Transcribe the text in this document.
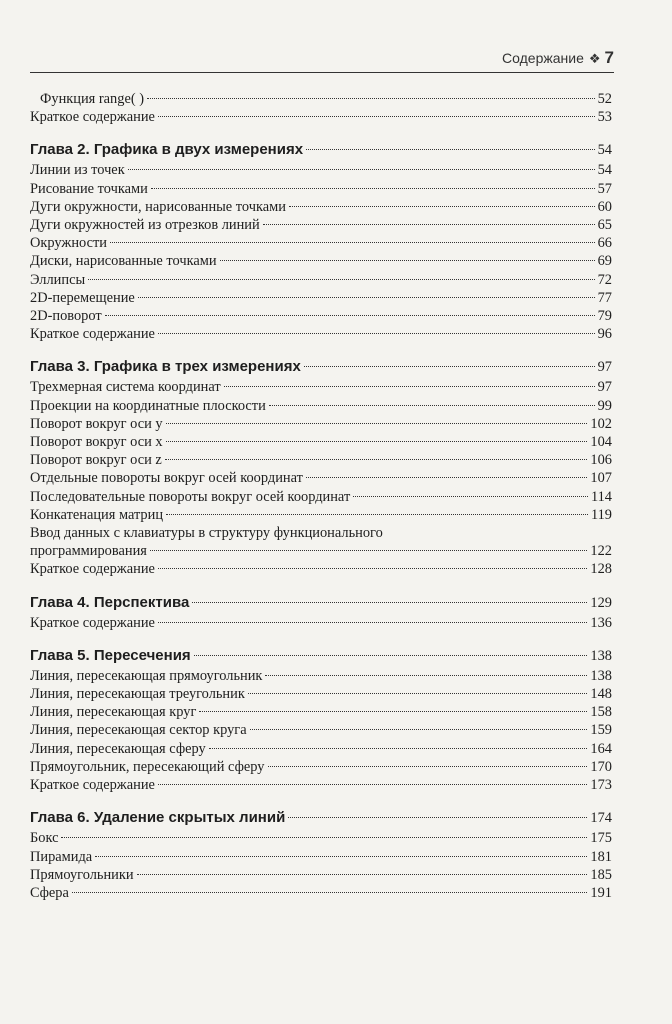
Содержание ❖ 7
Функция range( )	52
Краткое содержание	53
Глава 2. Графика в двух измерениях	54
Линии из точек	54
Рисование точками	57
Дуги окружности, нарисованные точками	60
Дуги окружностей из отрезков линий	65
Окружности	66
Диски, нарисованные точками	69
Эллипсы	72
2D-перемещение	77
2D-поворот	79
Краткое содержание	96
Глава 3. Графика в трех измерениях	97
Трехмерная система координат	97
Проекции на координатные плоскости	99
Поворот вокруг оси y	102
Поворот вокруг оси x	104
Поворот вокруг оси z	106
Отдельные повороты вокруг осей координат	107
Последовательные повороты вокруг осей координат	114
Конкатенация матриц	119
Ввод данных с клавиатуры в структуру функционального
программирования	122
Краткое содержание	128
Глава 4. Перспектива	129
Краткое содержание	136
Глава 5. Пересечения	138
Линия, пересекающая прямоугольник	138
Линия, пересекающая треугольник	148
Линия, пересекающая круг	158
Линия, пересекающая сектор круга	159
Линия, пересекающая сферу	164
Прямоугольник, пересекающий сферу	170
Краткое содержание	173
Глава 6. Удаление скрытых линий	174
Бокс	175
Пирамида	181
Прямоугольники	185
Сфера	191
